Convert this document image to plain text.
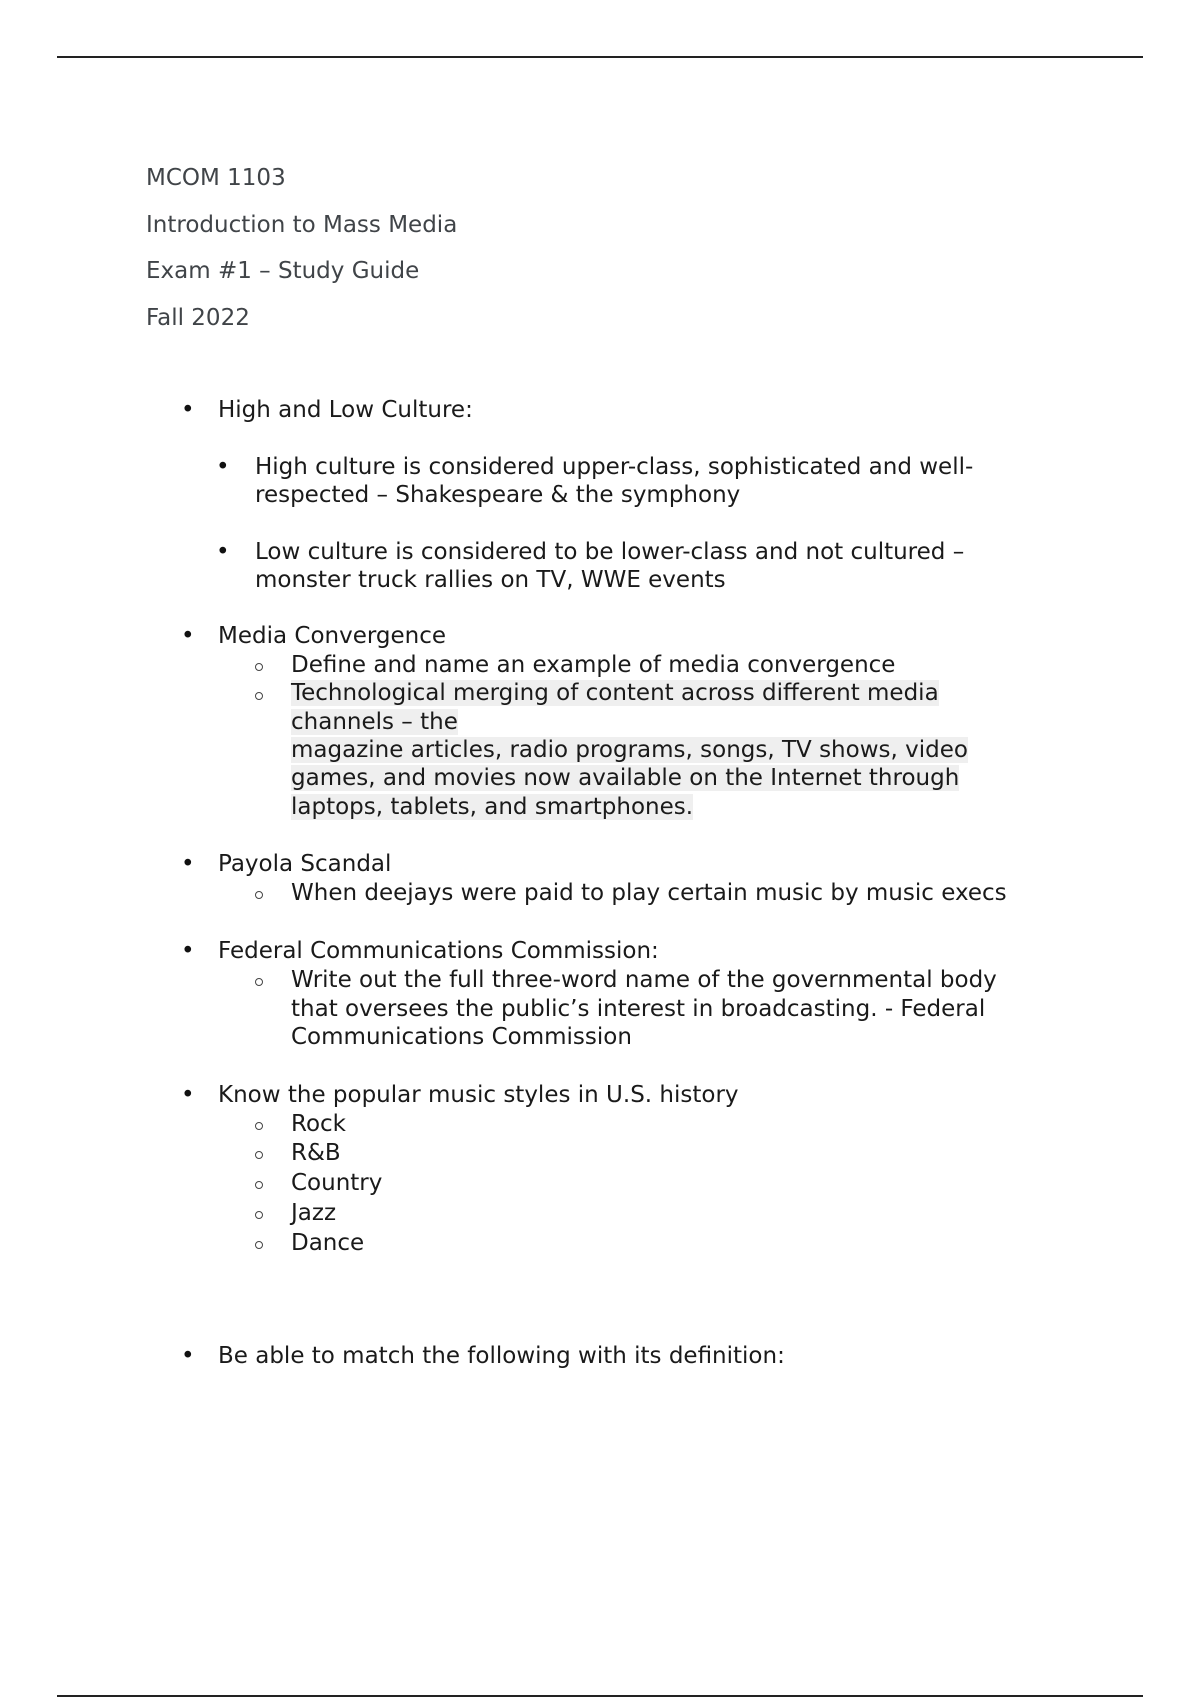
MCOM 1103
Introduction to Mass Media
Exam #1 – Study Guide
Fall 2022
• High and Low Culture:
• High culture is considered upper-class, sophisticated and well-
respected – Shakespeare & the symphony
• Low culture is considered to be lower-class and not cultured –
monster truck rallies on TV, WWE events
• Media Convergence
Define and name an example of media convergence
Technological merging of content across different media
channels – the
magazine articles, radio programs, songs, TV shows, video
games, and movies now available on the Internet through
laptops, tablets, and smartphones.
• Payola Scandal
When deejays were paid to play certain music by music execs
• Federal Communications Commission:
Write out the full three-word name of the governmental body
that oversees the public’s interest in broadcasting. - Federal
Communications Commission
• Know the popular music styles in U.S. history
Rock
R&B
Country
Jazz
Dance
• Be able to match the following with its definition:
